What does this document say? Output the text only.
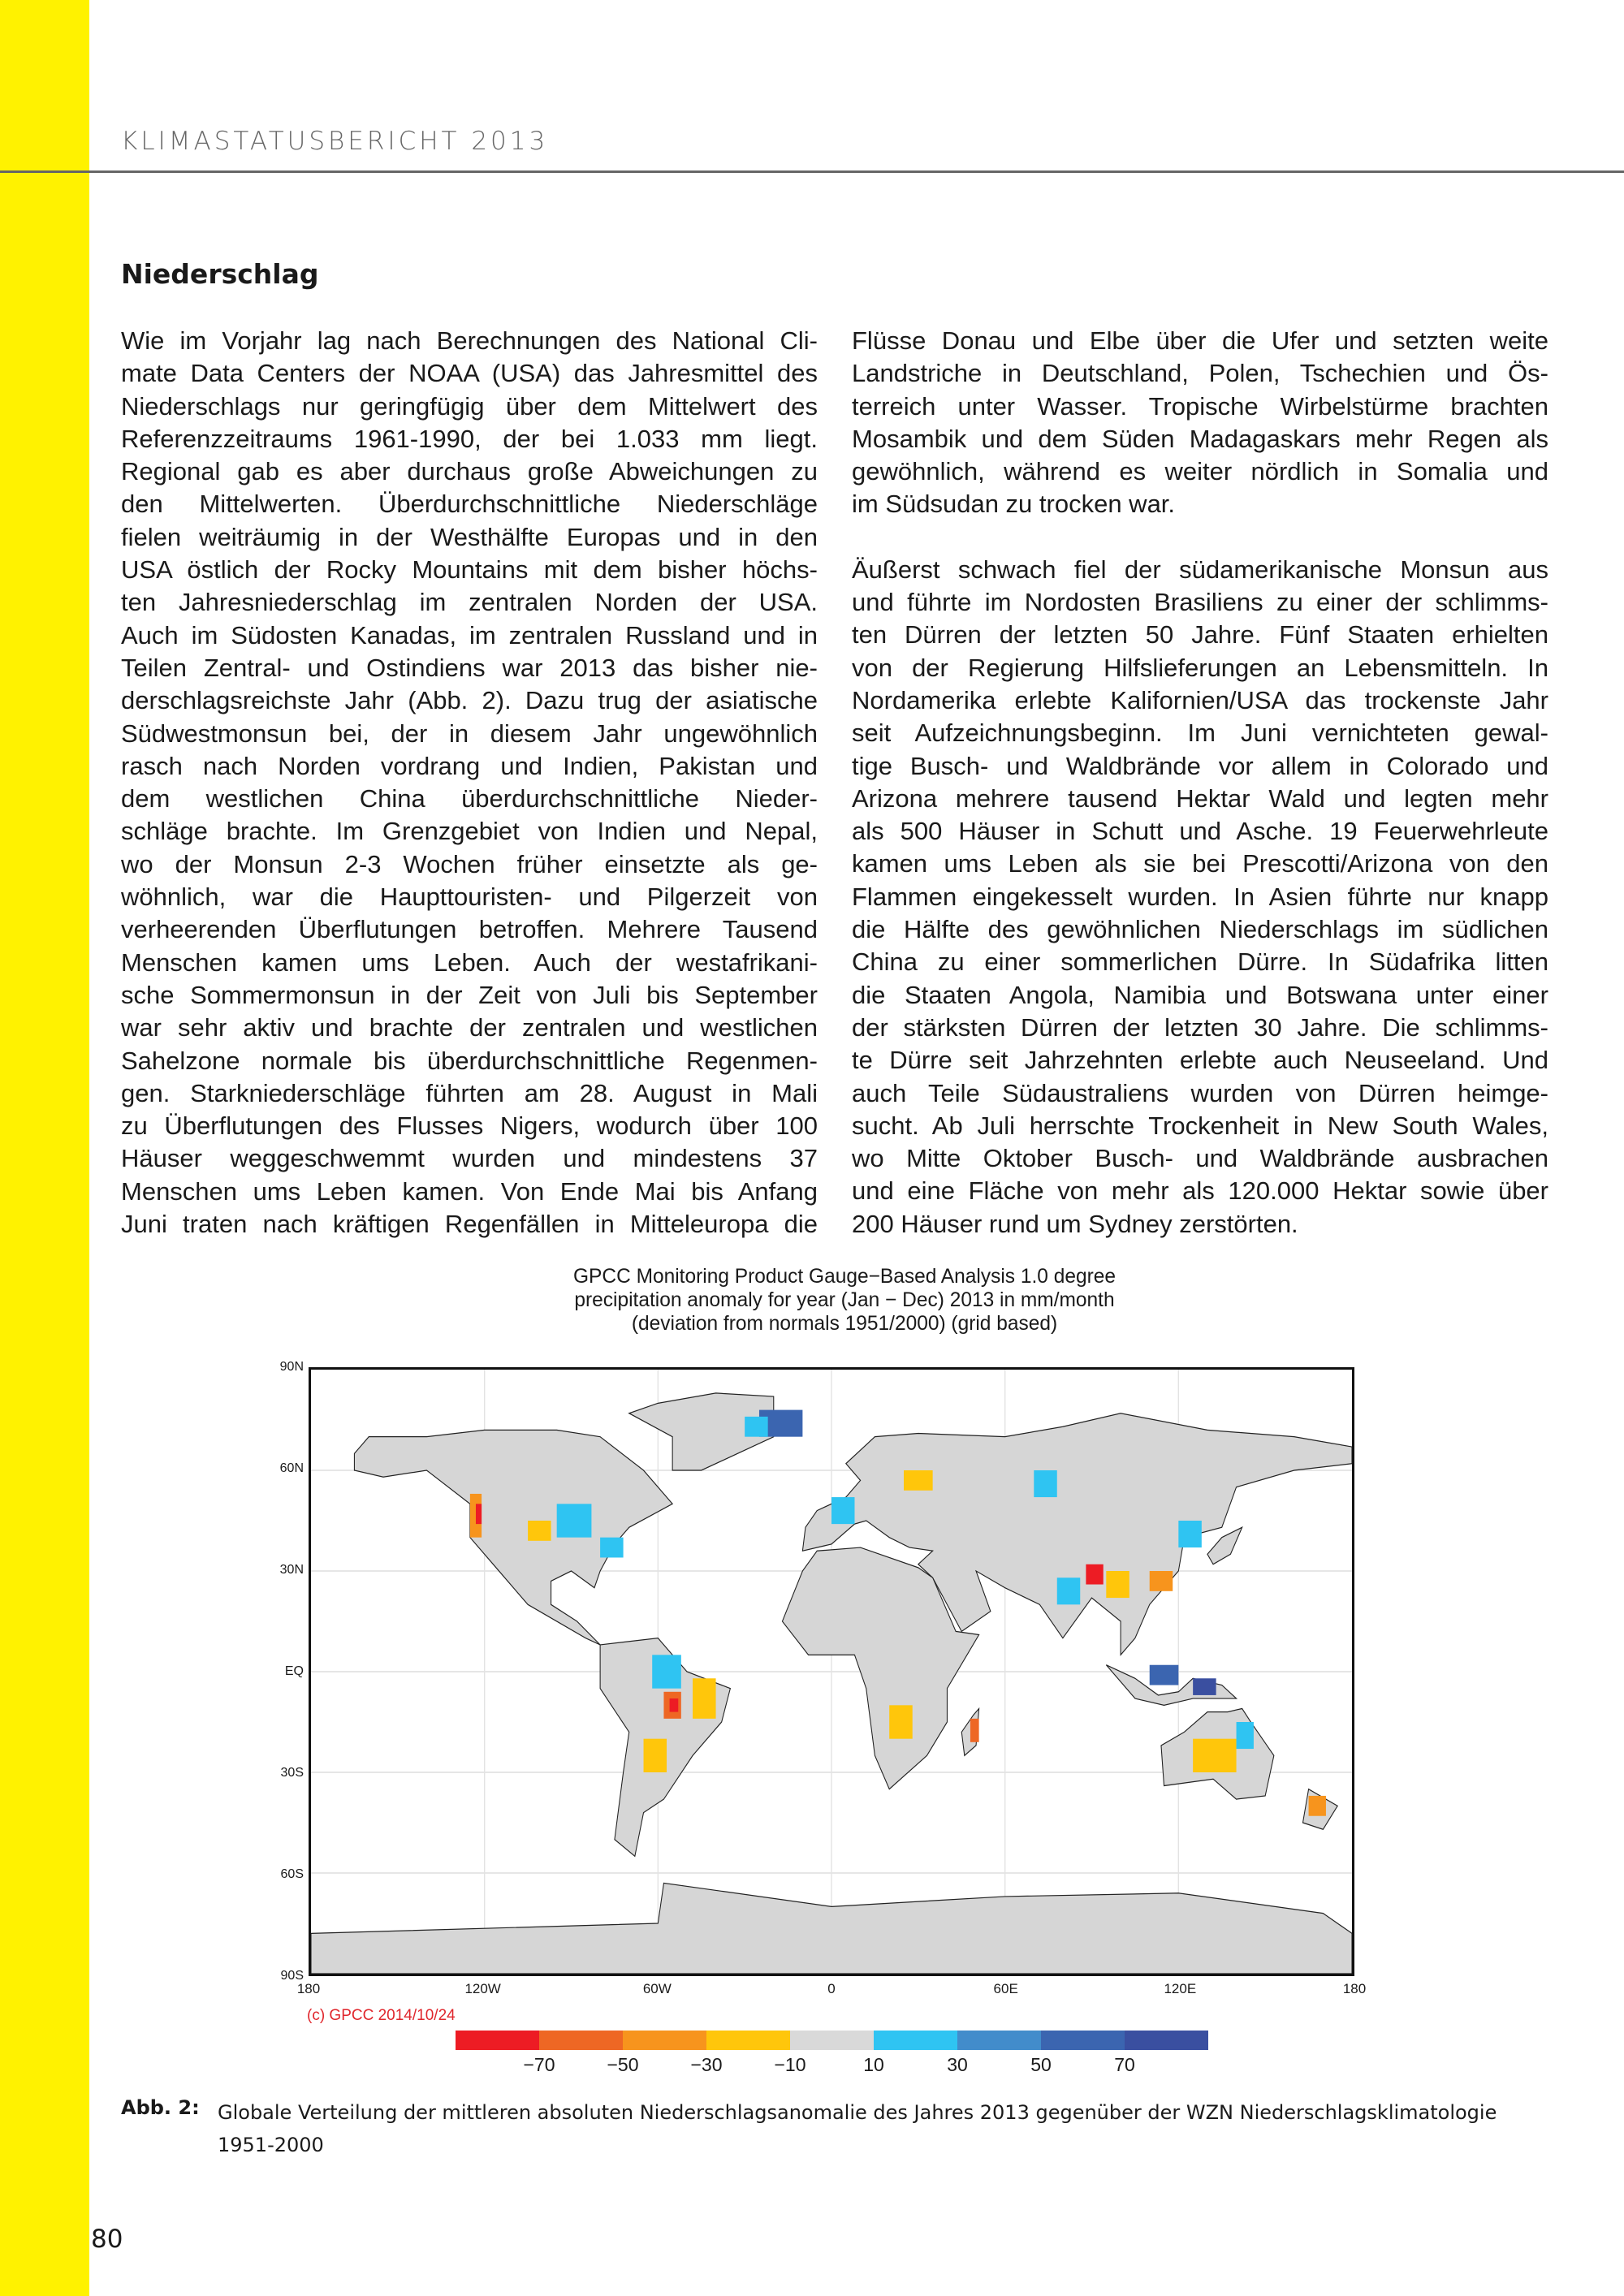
KLIMASTATUSBERICHT 2013
Niederschlag
Wie im Vorjahr lag nach Berechnungen des National Cli-
mate Data Centers der NOAA (USA) das Jahresmittel des
Niederschlags nur geringfügig über dem Mittelwert des
Referenzzeitraums 1961-1990, der bei 1.033 mm liegt.
Regional gab es aber durchaus große Abweichungen zu
den Mittelwerten. Überdurchschnittliche Niederschläge
fielen weiträumig in der Westhälfte Europas und in den
USA östlich der Rocky Mountains mit dem bisher höchs-
ten Jahresniederschlag im zentralen Norden der USA.
Auch im Südosten Kanadas, im zentralen Russland und in
Teilen Zentral- und Ostindiens war 2013 das bisher nie-
derschlagsreichste Jahr (Abb. 2). Dazu trug der asiatische
Südwestmonsun bei, der in diesem Jahr ungewöhnlich
rasch nach Norden vordrang und Indien, Pakistan und
dem westlichen China überdurchschnittliche Nieder-
schläge brachte. Im Grenzgebiet von Indien und Nepal,
wo der Monsun 2-3 Wochen früher einsetzte als ge-
wöhnlich, war die Haupttouristen- und Pilgerzeit von
verheerenden Überflutungen betroffen. Mehrere Tausend
Menschen kamen ums Leben. Auch der westafrikani-
sche Sommermonsun in der Zeit von Juli bis September
war sehr aktiv und brachte der zentralen und westlichen
Sahelzone normale bis überdurchschnittliche Regenmen-
gen. Starkniederschläge führten am 28. August in Mali
zu Überflutungen des Flusses Nigers, wodurch über 100
Häuser weggeschwemmt wurden und mindestens 37
Menschen ums Leben kamen. Von Ende Mai bis Anfang
Juni traten nach kräftigen Regenfällen in Mitteleuropa die
Flüsse Donau und Elbe über die Ufer und setzten weite
Landstriche in Deutschland, Polen, Tschechien und Ös-
terreich unter Wasser. Tropische Wirbelstürme brachten
Mosambik und dem Süden Madagaskars mehr Regen als
gewöhnlich, während es weiter nördlich in Somalia und
im Südsudan zu trocken war.
Äußerst schwach fiel der südamerikanische Monsun aus
und führte im Nordosten Brasiliens zu einer der schlimms-
ten Dürren der letzten 50 Jahre. Fünf Staaten erhielten
von der Regierung Hilfslieferungen an Lebensmitteln. In
Nordamerika erlebte Kalifornien/USA das trockenste Jahr
seit Aufzeichnungsbeginn. Im Juni vernichteten gewal-
tige Busch- und Waldbrände vor allem in Colorado und
Arizona mehrere tausend Hektar Wald und legten mehr
als 500 Häuser in Schutt und Asche. 19 Feuerwehrleute
kamen ums Leben als sie bei Prescotti/Arizona von den
Flammen eingekesselt wurden. In Asien führte nur knapp
die Hälfte des gewöhnlichen Niederschlags im südlichen
China zu einer sommerlichen Dürre. In Südafrika litten
die Staaten Angola, Namibia und Botswana unter einer
der stärksten Dürren der letzten 30 Jahre. Die schlimms-
te Dürre seit Jahrzehnten erlebte auch Neuseeland. Und
auch Teile Südaustraliens wurden von Dürren heimge-
sucht. Ab Juli herrschte Trockenheit in New South Wales,
wo Mitte Oktober Busch- und Waldbrände ausbrachen
und eine Fläche von mehr als 120.000 Hektar sowie über
200 Häuser rund um Sydney zerstörten.
GPCC Monitoring Product Gauge−Based Analysis 1.0 degree
precipitation anomaly for year (Jan − Dec) 2013 in mm/month
(deviation from normals 1951/2000) (grid based)
90N
60N
30N
EQ
30S
60S
90S
180	120W	60W	0	60E	120E	180
(c) GPCC 2014/10/24
−70	−50	−30	−10	10	30	50	70
Abb. 2: Globale Verteilung der mittleren absoluten Niederschlagsanomalie des Jahres 2013 gegenüber der WZN Niederschlagsklimatologie 1951-2000
80
